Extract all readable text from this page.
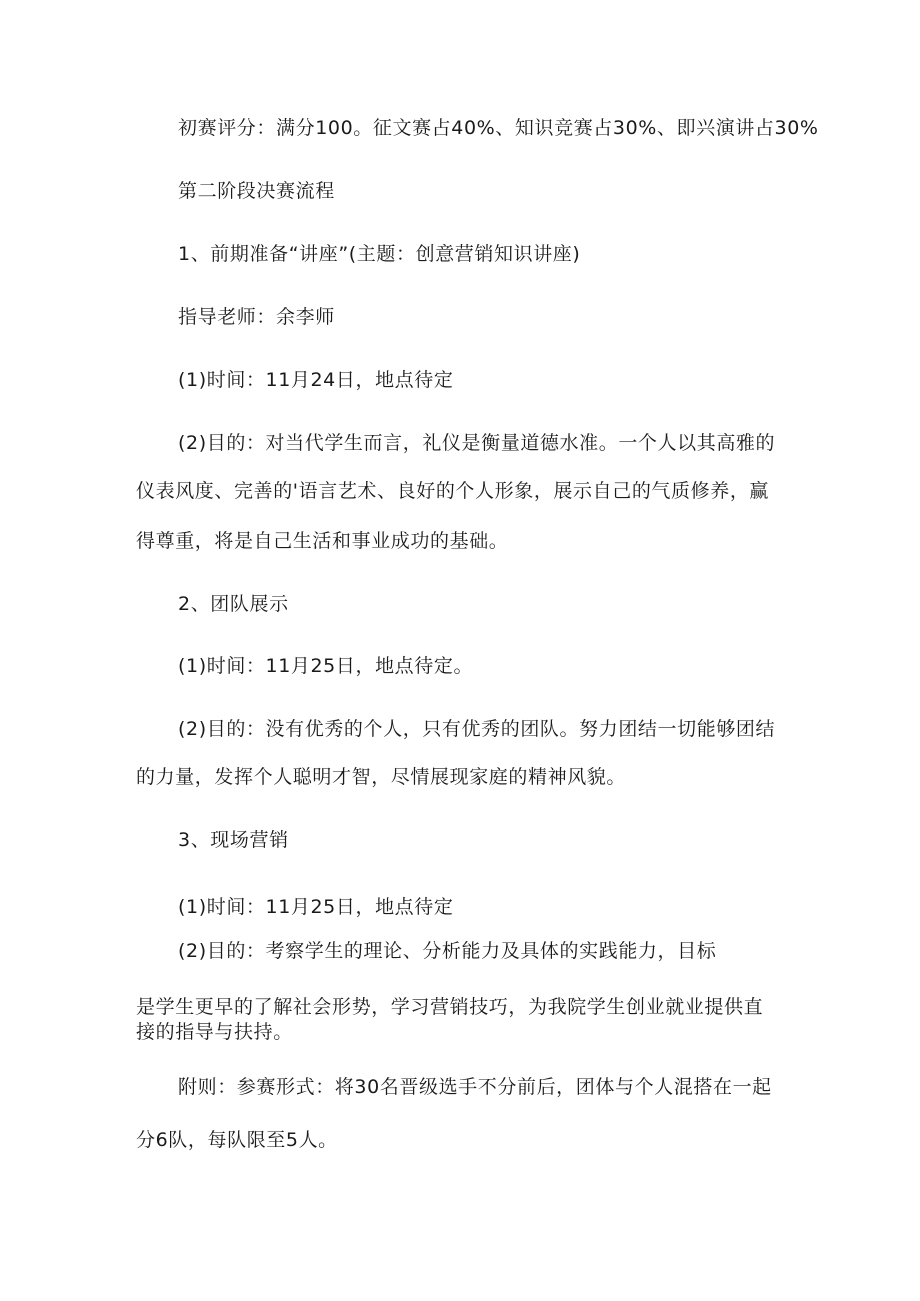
初赛评分：满分100。征文赛占40%、知识竞赛占30%、即兴演讲占30%
第二阶段决赛流程
1、前期准备“讲座”(主题：创意营销知识讲座)
指导老师：余李师
(1)时间：11月24日，地点待定
(2)目的：对当代学生而言，礼仪是衡量道德水准。一个人以其高雅的
仪表风度、完善的'语言艺术、良好的个人形象，展示自己的气质修养，赢
得尊重，将是自己生活和事业成功的基础。
2、团队展示
(1)时间：11月25日，地点待定。
(2)目的：没有优秀的个人，只有优秀的团队。努力团结一切能够团结
的力量，发挥个人聪明才智，尽情展现家庭的精神风貌。
3、现场营销
(1)时间：11月25日，地点待定
(2)目的：考察学生的理论、分析能力及具体的实践能力，目标
是学生更早的了解社会形势，学习营销技巧，为我院学生创业就业提供直
接的指导与扶持。
附则：参赛形式：将30名晋级选手不分前后，团体与个人混搭在一起
分6队，每队限至5人。
